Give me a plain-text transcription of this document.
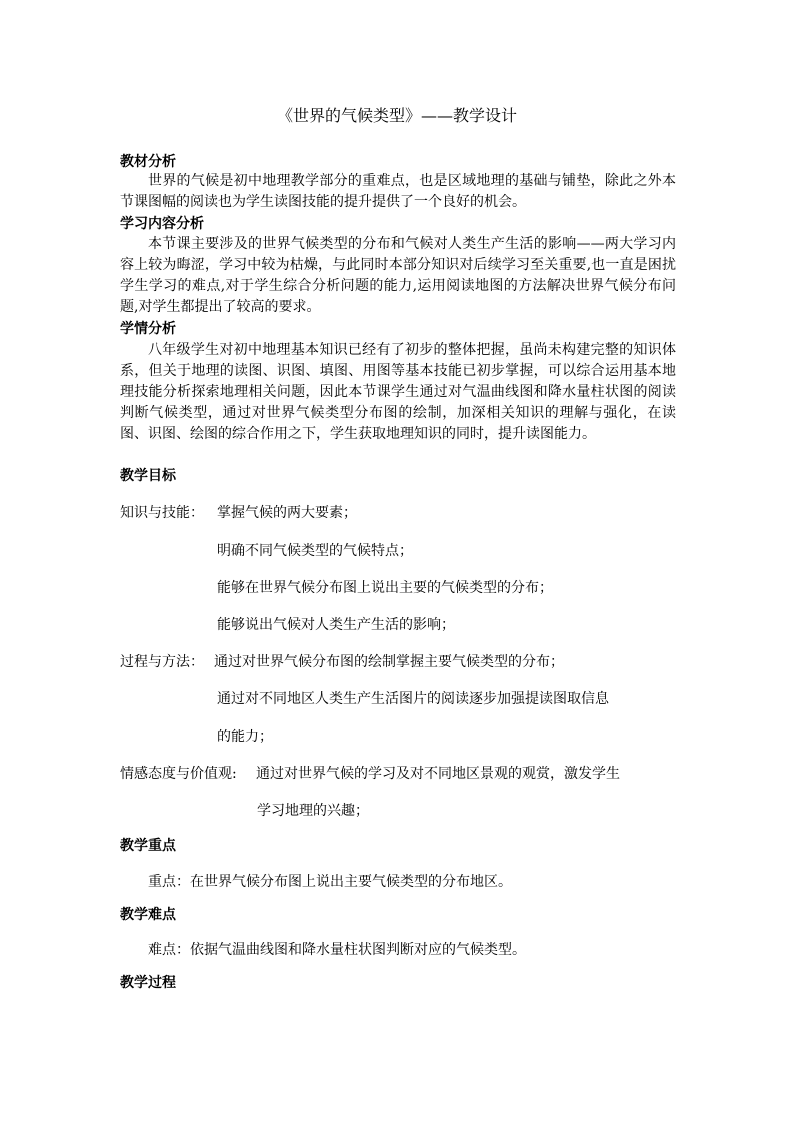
《世界的气候类型》——教学设计
教材分析
世界的气候是初中地理教学部分的重难点，也是区域地理的基础与铺垫，除此之外本节课图幅的阅读也为学生读图技能的提升提供了一个良好的机会。
学习内容分析
本节课主要涉及的世界气候类型的分布和气候对人类生产生活的影响——两大学习内容上较为晦涩，学习中较为枯燥，与此同时本部分知识对后续学习至关重要,也一直是困扰学生学习的难点,对于学生综合分析问题的能力,运用阅读地图的方法解决世界气候分布问题,对学生都提出了较高的要求。
学情分析
八年级学生对初中地理基本知识已经有了初步的整体把握，虽尚未构建完整的知识体系，但关于地理的读图、识图、填图、用图等基本技能已初步掌握，可以综合运用基本地理技能分析探索地理相关问题，因此本节课学生通过对气温曲线图和降水量柱状图的阅读判断气候类型，通过对世界气候类型分布图的绘制，加深相关知识的理解与强化，在读图、识图、绘图的综合作用之下，学生获取地理知识的同时，提升读图能力。
教学目标
知识与技能： 掌握气候的两大要素；
明确不同气候类型的气候特点；
能够在世界气候分布图上说出主要的气候类型的分布；
能够说出气候对人类生产生活的影响；
过程与方法： 通过对世界气候分布图的绘制掌握主要气候类型的分布；
通过对不同地区人类生产生活图片的阅读逐步加强提读图取信息
的能力；
情感态度与价值观: 通过对世界气候的学习及对不同地区景观的观赏，激发学生
学习地理的兴趣；
教学重点
重点：在世界气候分布图上说出主要气候类型的分布地区。
教学难点
难点：依据气温曲线图和降水量柱状图判断对应的气候类型。
教学过程
